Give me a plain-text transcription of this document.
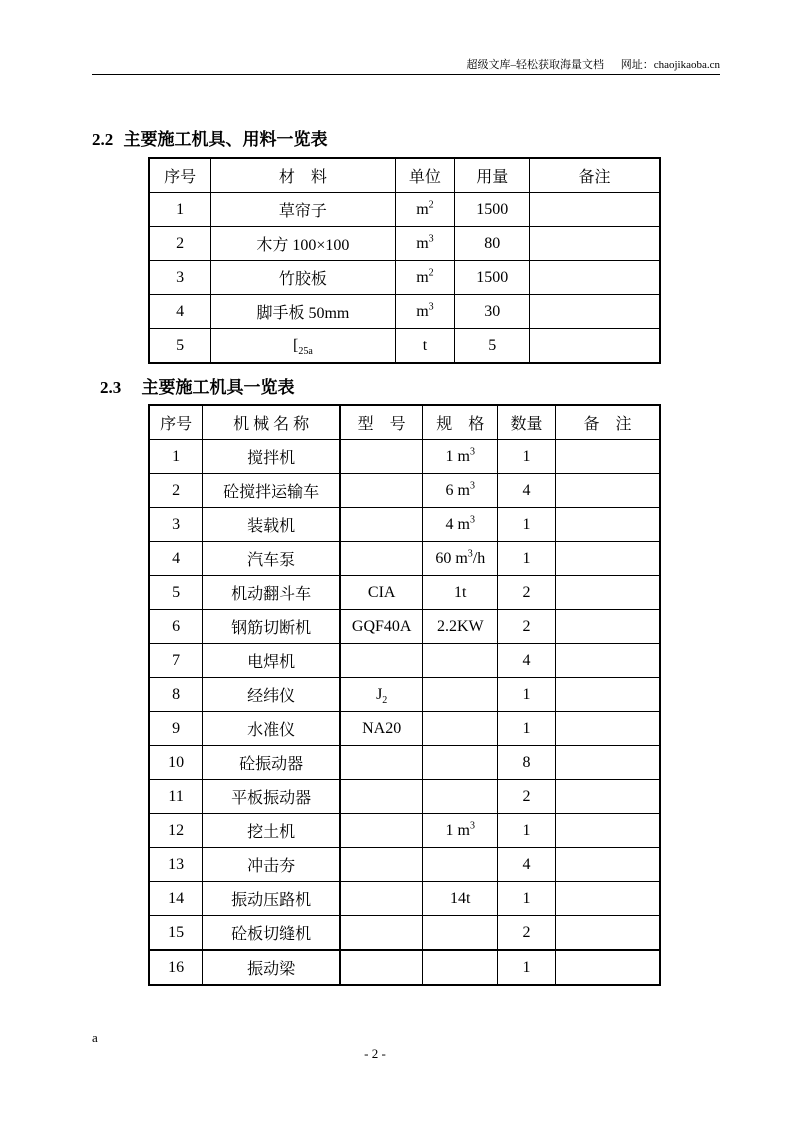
超级文库–轻松获取海量文档 网址：chaojikaoba.cn
2.2 主要施工机具、用料一览表
序号	材　料	单位	用量	备注
1	草帘子	$m^2$	1500	
2	木方 100×100	$m^3$	80	
3	竹胶板	$m^2$	1500	
4	脚手板 50mm	$m^3$	30	
5	[$_{25a}$	t	5	
2.3 主要施工机具一览表
序号	机 械 名 称	型　号	规　格	数量	备　注
1	搅拌机		1 $m^3$	1	
2	砼搅拌运输车		6 $m^3$	4	
3	装载机		4 $m^3$	1	
4	汽车泵		60 $m^3/h$	1	
5	机动翻斗车	CIA	1t	2	
6	钢筋切断机	GQF40A	2.2KW	2	
7	电焊机			4	
8	经纬仪	$J_2$		1	
9	水准仪	NA20		1	
10	砼振动器			8	
11	平板振动器			2	
12	挖土机		1 $m^3$	1	
13	冲击夯			4	
14	振动压路机		14t	1	
15	砼板切缝机			2	
16	振动梁			1	
a
- 2 -
